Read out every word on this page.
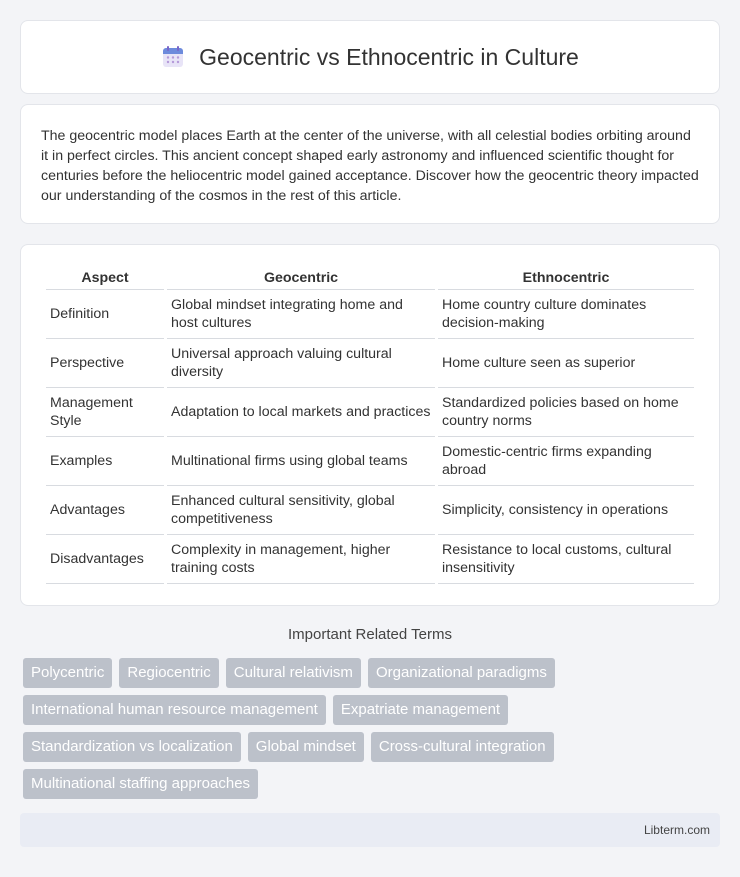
Geocentric vs Ethnocentric in Culture

The geocentric model places Earth at the center of the universe, with all celestial bodies orbiting around it in perfect circles. This ancient concept shaped early astronomy and influenced scientific thought for centuries before the heliocentric model gained acceptance. Discover how the geocentric theory impacted our understanding of the cosmos in the rest of this article.

Aspect	Geocentric	Ethnocentric
Definition	Global mindset integrating home and host cultures	Home country culture dominates decision-making
Perspective	Universal approach valuing cultural diversity	Home culture seen as superior
Management Style	Adaptation to local markets and practices	Standardized policies based on home country norms
Examples	Multinational firms using global teams	Domestic-centric firms expanding abroad
Advantages	Enhanced cultural sensitivity, global competitiveness	Simplicity, consistency in operations
Disadvantages	Complexity in management, higher training costs	Resistance to local customs, cultural insensitivity
Important Related Terms
Polycentric	Regiocentric	Cultural relativism	Organizational paradigms
International human resource management	Expatriate management
Standardization vs localization	Global mindset	Cross-cultural integration
Multinational staffing approaches
Libterm.com
